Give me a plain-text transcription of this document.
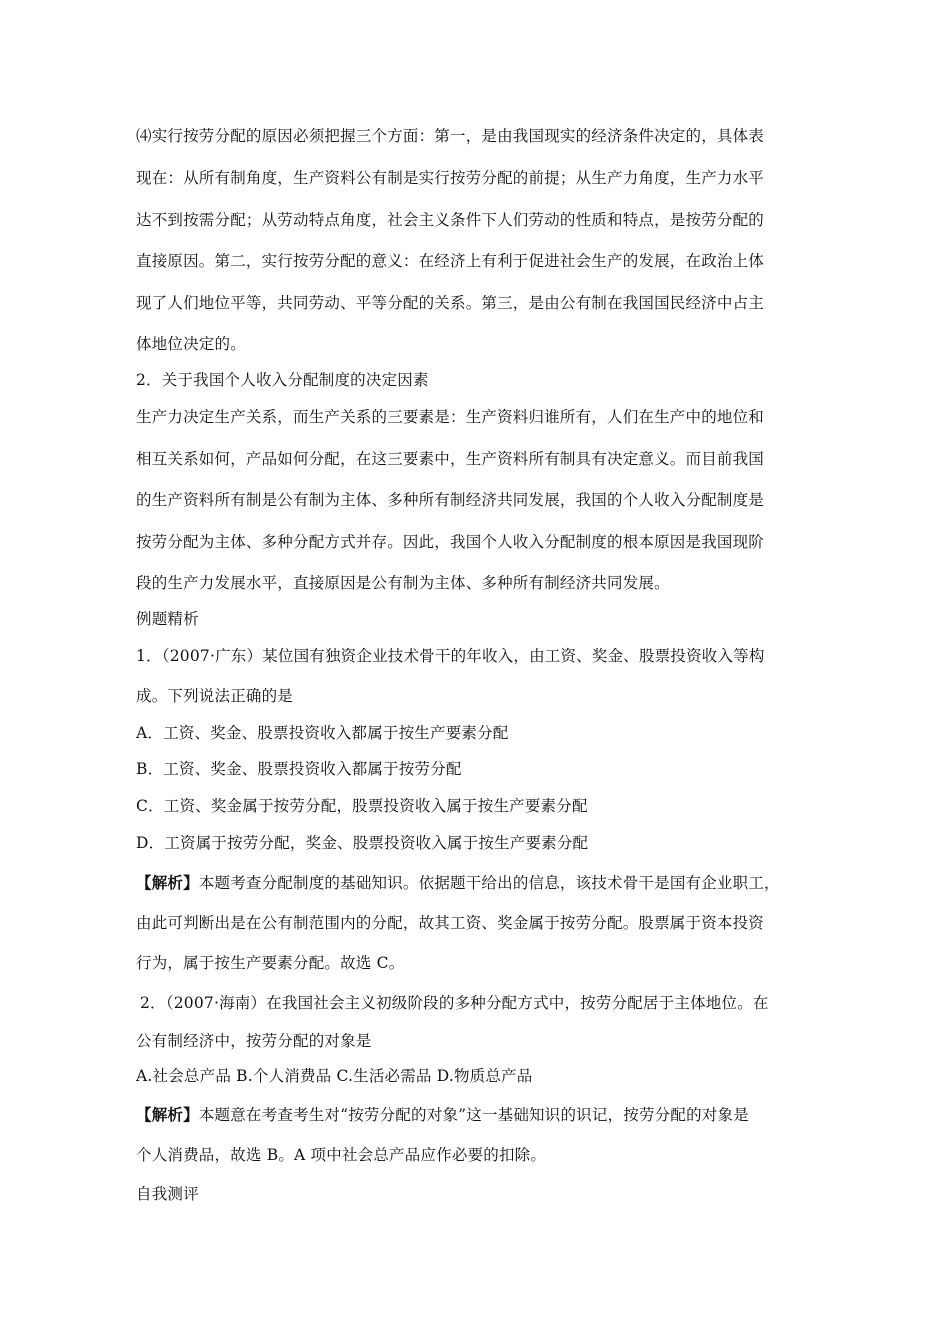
⑷实行按劳分配的原因必须把握三个方面：第一，是由我国现实的经济条件决定的，具体表
现在：从所有制角度，生产资料公有制是实行按劳分配的前提；从生产力角度，生产力水平
达不到按需分配；从劳动特点角度，社会主义条件下人们劳动的性质和特点，是按劳分配的
直接原因。第二，实行按劳分配的意义：在经济上有利于促进社会生产的发展，在政治上体
现了人们地位平等，共同劳动、平等分配的关系。第三，是由公有制在我国国民经济中占主
体地位决定的。
2．关于我国个人收入分配制度的决定因素
生产力决定生产关系，而生产关系的三要素是：生产资料归谁所有，人们在生产中的地位和
相互关系如何，产品如何分配，在这三要素中，生产资料所有制具有决定意义。而目前我国
的生产资料所有制是公有制为主体、多种所有制经济共同发展，我国的个人收入分配制度是
按劳分配为主体、多种分配方式并存。因此，我国个人收入分配制度的根本原因是我国现阶
段的生产力发展水平，直接原因是公有制为主体、多种所有制经济共同发展。
例题精析
1．（2007·广东）某位国有独资企业技术骨干的年收入，由工资、奖金、股票投资收入等构
成。下列说法正确的是
A．工资、奖金、股票投资收入都属于按生产要素分配
B．工资、奖金、股票投资收入都属于按劳分配
C．工资、奖金属于按劳分配，股票投资收入属于按生产要素分配
D．工资属于按劳分配，奖金、股票投资收入属于按生产要素分配
【解析】本题考查分配制度的基础知识。依据题干给出的信息，该技术骨干是国有企业职工，
由此可判断出是在公有制范围内的分配，故其工资、奖金属于按劳分配。股票属于资本投资
行为，属于按生产要素分配。故选 C。
2．（2007·海南）在我国社会主义初级阶段的多种分配方式中，按劳分配居于主体地位。在
公有制经济中，按劳分配的对象是
A.社会总产品 B.个人消费品 C.生活必需品 D.物质总产品
【解析】本题意在考查考生对“按劳分配的对象”这一基础知识的识记，按劳分配的对象是
个人消费品，故选 B。A 项中社会总产品应作必要的扣除。
自我测评
